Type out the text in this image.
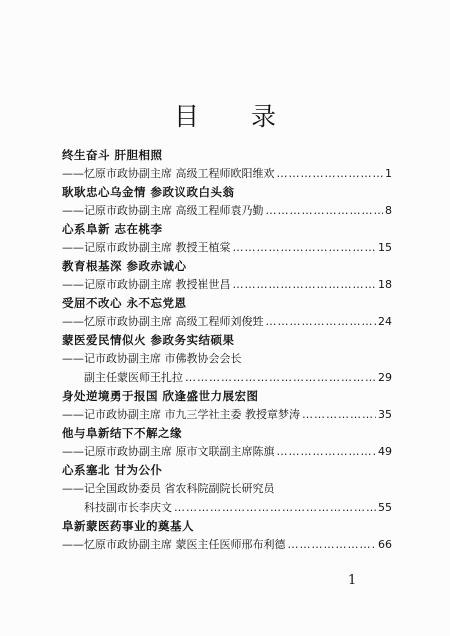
目 录
终生奋斗 肝胆相照
——忆原市政协副主席 高级工程师欧阳维欢 ………………………………………………………………………………………………………………	1
耿耿忠心乌金情 参政议政白头翁
——记原市政协副主席 高级工程师袁乃勤 ………………………………………………………………………………………………………………	8
心系阜新 志在桃李
——记原市政协副主席 教授王植棠 ………………………………………………………………………………………………………………	15
教育根基深 参政赤诚心
——记原市政协副主席 教授崔世昌 ………………………………………………………………………………………………………………	18
受屈不改心 永不忘党恩
——忆原市政协副主席 高级工程师刘俊甡 ………………………………………………………………………………………………………………	24
蒙医爱民情似火 参政务实结硕果
——记市政协副主席 市佛教协会会长
副主任蒙医师王扎拉 ………………………………………………………………………………………………………………	29
身处逆境勇于报国 欣逢盛世力展宏图
——记市政协副主席 市九三学社主委 教授章梦涛 ………………………………………………………………………………………………………………	35
他与阜新结下不解之缘
——记原市政协副主席 原市文联副主席陈旗 ………………………………………………………………………………………………………………	49
心系塞北 甘为公仆
——记全国政协委员 省农科院副院长研究员
科技副市长李庆文 ………………………………………………………………………………………………………………	55
阜新蒙医药事业的奠基人
——忆原市政协副主席 蒙医主任医师邢布利德 ………………………………………………………………………………………………………………	66
1
